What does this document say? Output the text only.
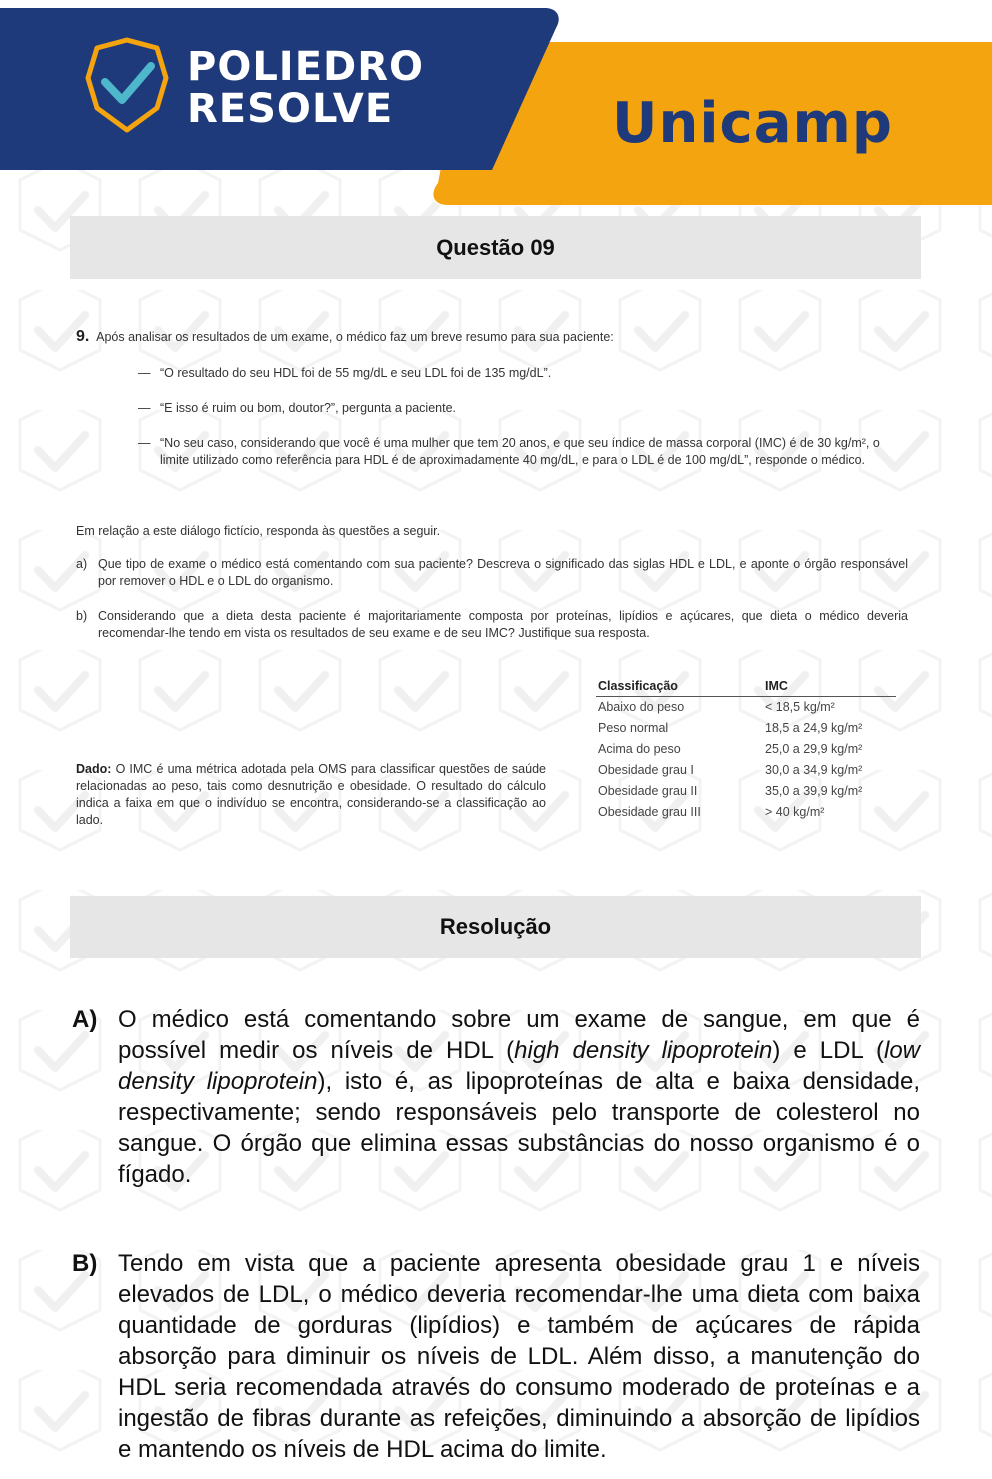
POLIEDRO
RESOLVE	Unicamp
Questão 09
9. Após analisar os resultados de um exame, o médico faz um breve resumo para sua paciente:
— “O resultado do seu HDL foi de 55 mg/dL e seu LDL foi de 135 mg/dL”.
— “E isso é ruim ou bom, doutor?”, pergunta a paciente.
— “No seu caso, considerando que você é uma mulher que tem 20 anos, e que seu índice de massa corporal (IMC) é de 30 kg/m², o limite utilizado como referência para HDL é de aproximadamente 40 mg/dL, e para o LDL é de 100 mg/dL”, responde o médico.
Em relação a este diálogo fictício, responda às questões a seguir.
a) Que tipo de exame o médico está comentando com sua paciente? Descreva o significado das siglas HDL e LDL, e aponte o órgão responsável por remover o HDL e o LDL do organismo.
b) Considerando que a dieta desta paciente é majoritariamente composta por proteínas, lipídios e açúcares, que dieta o médico deveria recomendar-lhe tendo em vista os resultados de seu exame e de seu IMC? Justifique sua resposta.
Dado: O IMC é uma métrica adotada pela OMS para classificar questões de saúde relacionadas ao peso, tais como desnutrição e obesidade. O resultado do cálculo indica a faixa em que o indivíduo se encontra, considerando-se a classificação ao lado.
Classificação	IMC
Abaixo do peso	< 18,5 kg/m²
Peso normal	18,5 a 24,9 kg/m²
Acima do peso	25,0 a 29,9 kg/m²
Obesidade grau I	30,0 a 34,9 kg/m²
Obesidade grau II	35,0 a 39,9 kg/m²
Obesidade grau III	> 40 kg/m²
Resolução
A) O médico está comentando sobre um exame de sangue, em que é possível medir os níveis de HDL (high density lipoprotein) e LDL (low density lipoprotein), isto é, as lipoproteínas de alta e baixa densidade, respectivamente; sendo responsáveis pelo transporte de colesterol no sangue. O órgão que elimina essas substâncias do nosso organismo é o fígado.
B) Tendo em vista que a paciente apresenta obesidade grau 1 e níveis elevados de LDL, o médico deveria recomendar-lhe uma dieta com baixa quantidade de gorduras (lipídios) e também de açúcares de rápida absorção para diminuir os níveis de LDL. Além disso, a manutenção do HDL seria recomendada através do consumo moderado de proteínas e a ingestão de fibras durante as refeições, diminuindo a absorção de lipídios e mantendo os níveis de HDL acima do limite.
